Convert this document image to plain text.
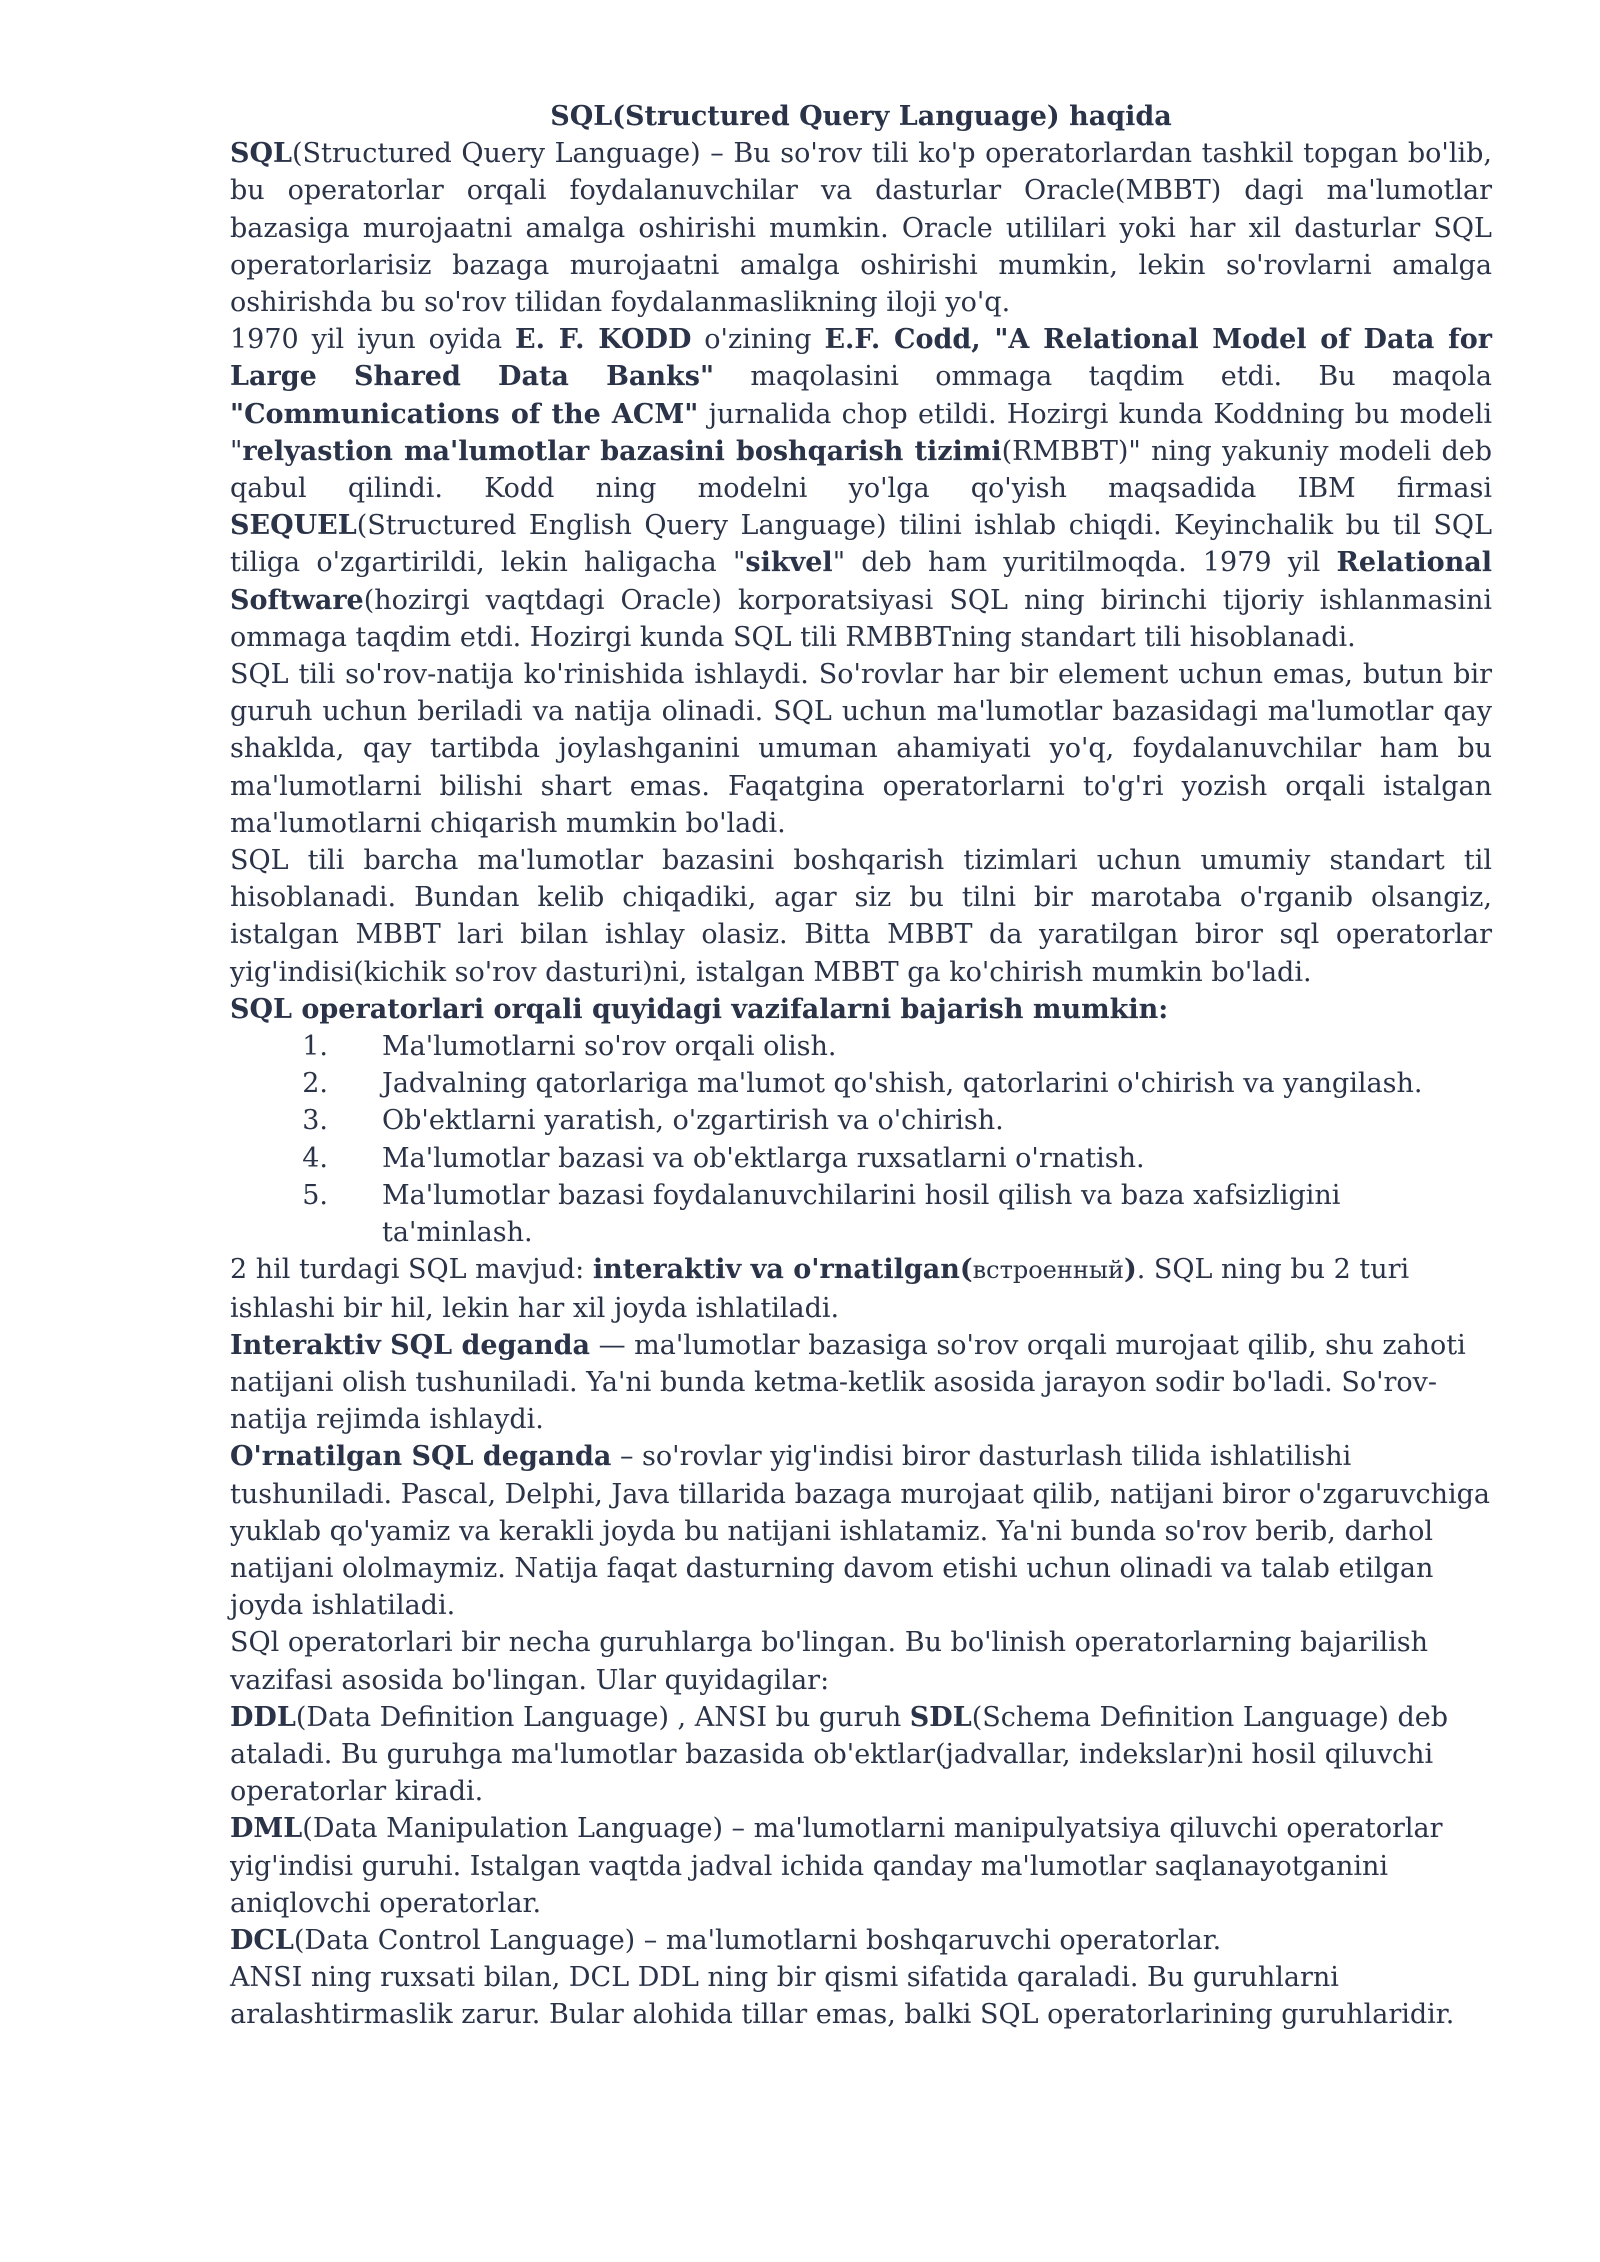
SQL(Structured Query Language) haqida

SQL(Structured Query Language) – Bu so'rov tili ko'p operatorlardan tashkil topgan bo'lib, bu operatorlar orqali foydalanuvchilar va dasturlar Oracle(MBBT) dagi ma'lumotlar bazasiga murojaatni amalga oshirishi mumkin. Oracle utililari yoki har xil dasturlar SQL operatorlarisiz bazaga murojaatni amalga oshirishi mumkin, lekin so'rovlarni amalga oshirishda bu so'rov tilidan foydalanmaslikning iloji yo'q.

1970 yil iyun oyida E. F. KODD o'zining E.F. Codd, "A Relational Model of Data for Large Shared Data Banks" maqolasini ommaga taqdim etdi. Bu maqola "Communications of the ACM" jurnalida chop etildi. Hozirgi kunda Koddning bu modeli "relyastion ma'lumotlar bazasini boshqarish tizimi(RMBBT)" ning yakuniy modeli deb qabul qilindi. Kodd ning modelni yo'lga qo'yish maqsadida IBM firmasi SEQUEL(Structured English Query Language) tilini ishlab chiqdi. Keyinchalik bu til SQL tiliga o'zgartirildi, lekin haligacha "sikvel" deb ham yuritilmoqda. 1979 yil Relational Software(hozirgi vaqtdagi Oracle) korporatsiyasi SQL ning birinchi tijoriy ishlanmasini ommaga taqdim etdi. Hozirgi kunda SQL tili RMBBTning standart tili hisoblanadi.

SQL tili so'rov-natija ko'rinishida ishlaydi. So'rovlar har bir element uchun emas, butun bir guruh uchun beriladi va natija olinadi. SQL uchun ma'lumotlar bazasidagi ma'lumotlar qay shaklda, qay tartibda joylashganini umuman ahamiyati yo'q, foydalanuvchilar ham bu ma'lumotlarni bilishi shart emas. Faqatgina operatorlarni to'g'ri yozish orqali istalgan ma'lumotlarni chiqarish mumkin bo'ladi.

SQL tili barcha ma'lumotlar bazasini boshqarish tizimlari uchun umumiy standart til hisoblanadi. Bundan kelib chiqadiki, agar siz bu tilni bir marotaba o'rganib olsangiz, istalgan MBBT lari bilan ishlay olasiz. Bitta MBBT da yaratilgan biror sql operatorlar yig'indisi(kichik so'rov dasturi)ni, istalgan MBBT ga ko'chirish mumkin bo'ladi.

SQL operatorlari orqali quyidagi vazifalarni bajarish mumkin:

1. Ma'lumotlarni so'rov orqali olish.
2. Jadvalning qatorlariga ma'lumot qo'shish, qatorlarini o'chirish va yangilash.
3. Ob'ektlarni yaratish, o'zgartirish va o'chirish.
4. Ma'lumotlar bazasi va ob'ektlarga ruxsatlarni o'rnatish.
5. Ma'lumotlar bazasi foydalanuvchilarini hosil qilish va baza xafsizligini ta'minlash.

2 hil turdagi SQL mavjud: interaktiv va o'rnatilgan(встроенный). SQL ning bu 2 turi ishlashi bir hil, lekin har xil joyda ishlatiladi.

Interaktiv SQL deganda — ma'lumotlar bazasiga so'rov orqali murojaat qilib, shu zahoti natijani olish tushuniladi. Ya'ni bunda ketma-ketlik asosida jarayon sodir bo'ladi. So'rov-natija rejimda ishlaydi.

O'rnatilgan SQL deganda – so'rovlar yig'indisi biror dasturlash tilida ishlatilishi tushuniladi. Pascal, Delphi, Java tillarida bazaga murojaat qilib, natijani biror o'zgaruvchiga yuklab qo'yamiz va kerakli joyda bu natijani ishlatamiz. Ya'ni bunda so'rov berib, darhol natijani ololmaymiz. Natija faqat dasturning davom etishi uchun olinadi va talab etilgan joyda ishlatiladi.

SQl operatorlari bir necha guruhlarga bo'lingan. Bu bo'linish operatorlarning bajarilish vazifasi asosida bo'lingan. Ular quyidagilar:

DDL(Data Definition Language) , ANSI bu guruh SDL(Schema Definition Language) deb ataladi. Bu guruhga ma'lumotlar bazasida ob'ektlar(jadvallar, indekslar)ni hosil qiluvchi operatorlar kiradi.

DML(Data Manipulation Language) – ma'lumotlarni manipulyatsiya qiluvchi operatorlar yig'indisi guruhi. Istalgan vaqtda jadval ichida qanday ma'lumotlar saqlanayotganini aniqlovchi operatorlar.

DCL(Data Control Language) – ma'lumotlarni boshqaruvchi operatorlar.

ANSI ning ruxsati bilan, DCL DDL ning bir qismi sifatida qaraladi. Bu guruhlarni aralashtirmaslik zarur. Bular alohida tillar emas, balki SQL operatorlarining guruhlaridir.
